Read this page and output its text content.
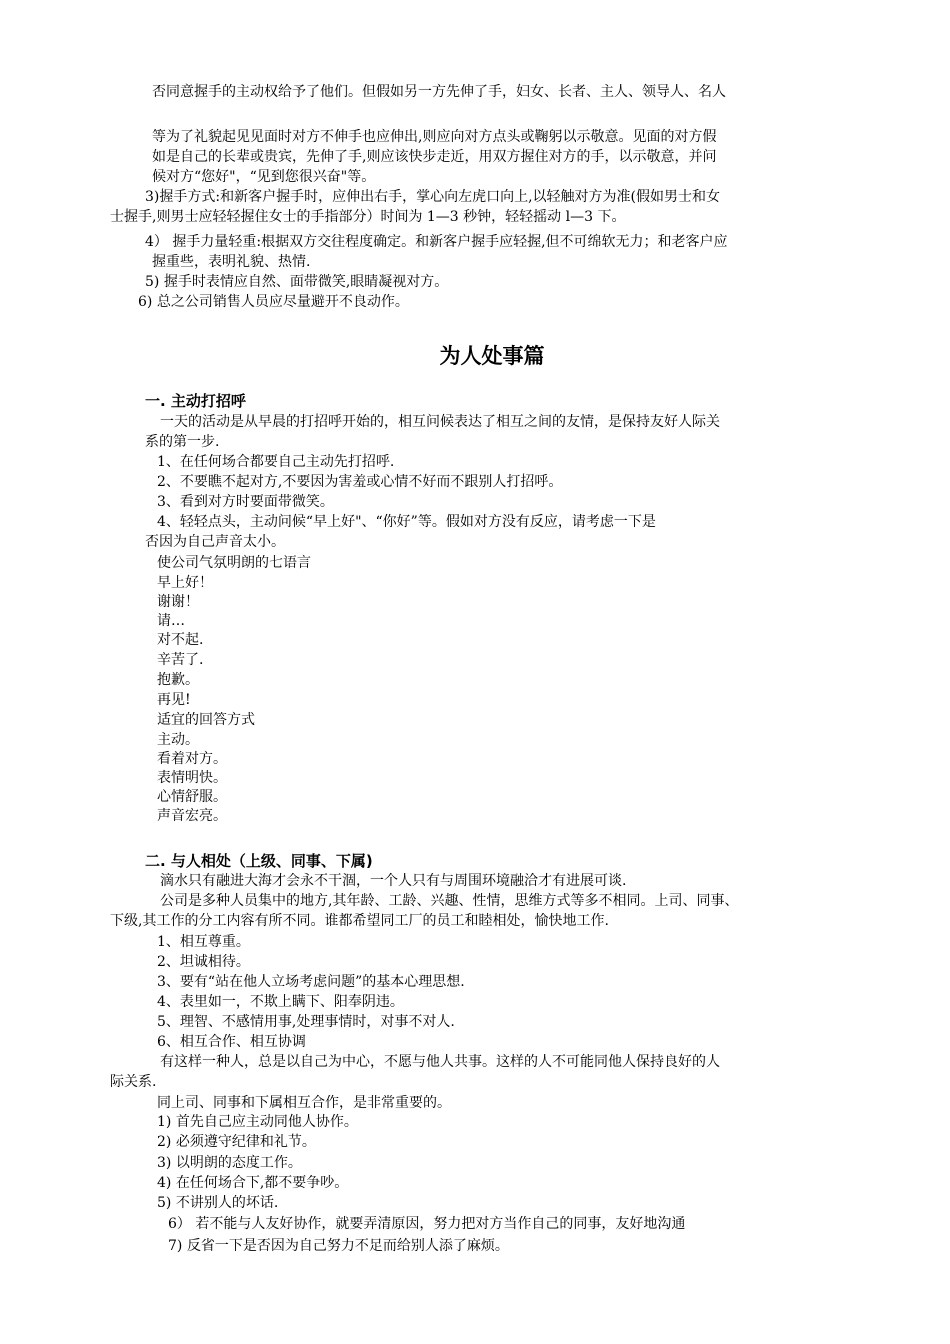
否同意握手的主动权给予了他们。但假如另一方先伸了手，妇女、长者、主人、领导人、名人
等为了礼貌起见见面时对方不伸手也应伸出,则应向对方点头或鞠躬以示敬意。见面的对方假
如是自己的长辈或贵宾，先伸了手,则应该快步走近，用双方握住对方的手，以示敬意，并问
候对方“您好"，“见到您很兴奋"等。
3)握手方式:和新客户握手时，应伸出右手，掌心向左虎口向上,以轻触对方为准(假如男士和女
士握手,则男士应轻轻握住女士的手指部分）时间为 1—3 秒钟，轻轻摇动 l—3 下。
4） 握手力量轻重:根据双方交往程度确定。和新客户握手应轻握,但不可绵软无力；和老客户应
握重些，表明礼貌、热情.
5) 握手时表情应自然、面带微笑,眼睛凝视对方。
6) 总之公司销售人员应尽量避开不良动作。
为人处事篇
一. 主动打招呼
一天的活动是从早晨的打招呼开始的，相互问候表达了相互之间的友情，是保持友好人际关
系的第一步.
1、在任何场合都要自己主动先打招呼.
2、不要瞧不起对方,不要因为害羞或心情不好而不跟别人打招呼。
3、看到对方时要面带微笑。
4、轻轻点头，主动问候“早上好"、“你好”等。假如对方没有反应，请考虑一下是
否因为自己声音太小。
使公司气氛明朗的七语言
早上好！
谢谢！
请…
对不起.
辛苦了.
抱歉。
再见!
适宜的回答方式
主动。
看着对方。
表情明快。
心情舒服。
声音宏亮。
二. 与人相处（上级、同事、下属)
滴水只有融进大海才会永不干涸，一个人只有与周围环境融洽才有进展可谈.
公司是多种人员集中的地方,其年龄、工龄、兴趣、性情，思维方式等多不相同。上司、同事、
下级,其工作的分工内容有所不同。谁都希望同工厂的员工和睦相处，愉快地工作.
1、相互尊重。
2、坦诚相待。
3、要有“站在他人立场考虑问题”的基本心理思想.
4、表里如一，不欺上瞒下、阳奉阴违。
5、理智、不感情用事,处理事情时，对事不对人.
6、相互合作、相互协调
有这样一种人，总是以自己为中心，不愿与他人共事。这样的人不可能同他人保持良好的人
际关系.
同上司、同事和下属相互合作，是非常重要的。
1) 首先自己应主动同他人协作。
2) 必须遵守纪律和礼节。
3) 以明朗的态度工作。
4) 在任何场合下,都不要争吵。
5) 不讲别人的坏话.
6） 若不能与人友好协作，就要弄清原因，努力把对方当作自己的同事，友好地沟通
7) 反省一下是否因为自己努力不足而给别人添了麻烦。
